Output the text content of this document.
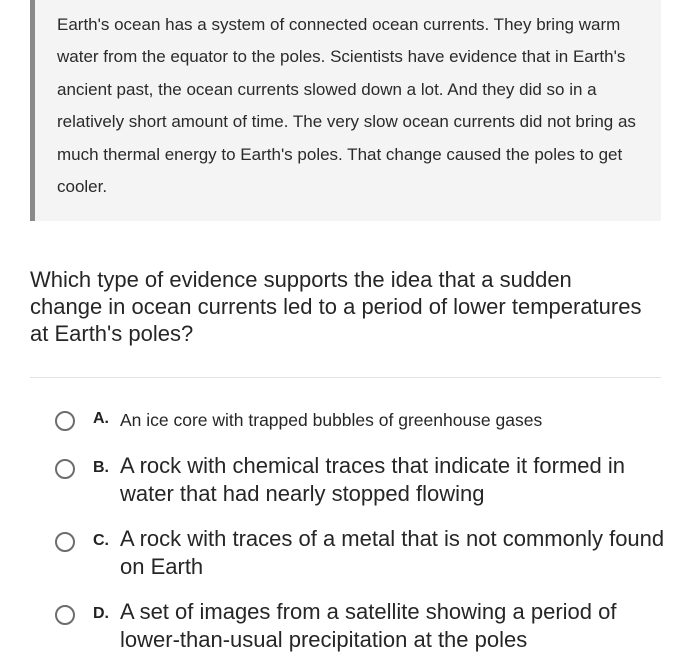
Earth's ocean has a system of connected ocean currents. They bring warm water from the equator to the poles. Scientists have evidence that in Earth's ancient past, the ocean currents slowed down a lot. And they did so in a relatively short amount of time. The very slow ocean currents did not bring as much thermal energy to Earth's poles. That change caused the poles to get cooler.

Which type of evidence supports the idea that a sudden change in ocean currents led to a period of lower temperatures at Earth's poles?

A. An ice core with trapped bubbles of greenhouse gases
B. A rock with chemical traces that indicate it formed in water that had nearly stopped flowing
C. A rock with traces of a metal that is not commonly found on Earth
D. A set of images from a satellite showing a period of lower-than-usual precipitation at the poles
